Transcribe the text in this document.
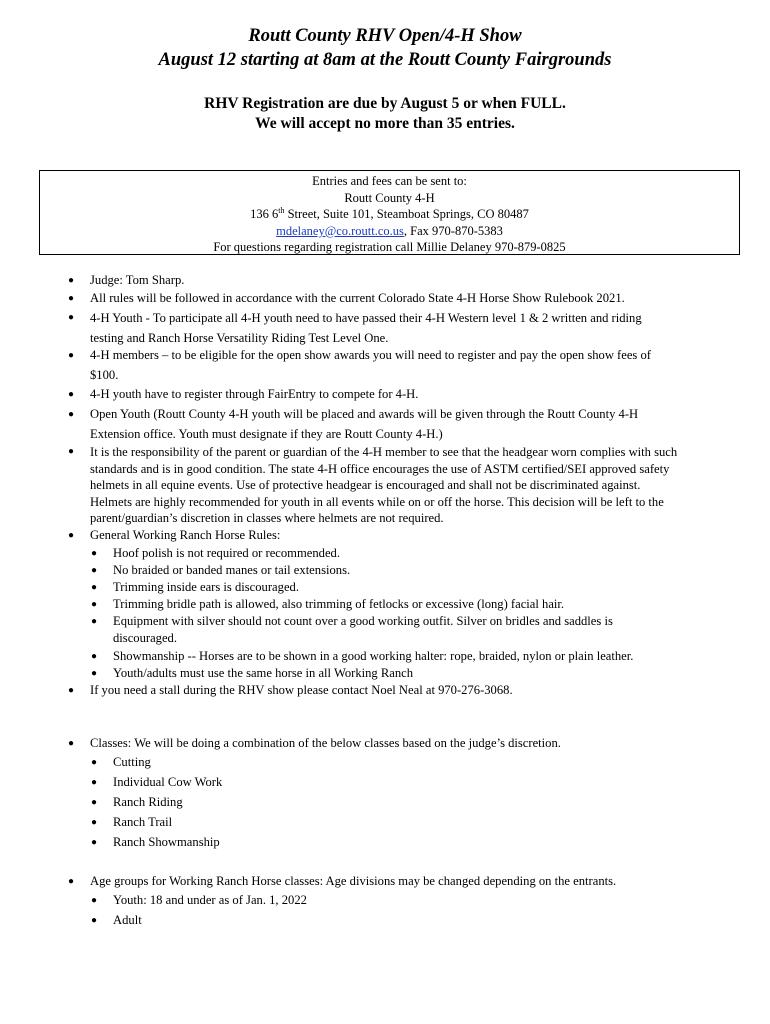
Routt County RHV Open/4-H Show
August 12 starting at 8am at the Routt County Fairgrounds
RHV Registration are due by August 5 or when FULL.
We will accept no more than 35 entries.
Entries and fees can be sent to:
Routt County 4-H
136 6th Street, Suite 101, Steamboat Springs, CO 80487
mdelaney@co.routt.co.us, Fax 970-870-5383
For questions regarding registration call Millie Delaney 970-879-0825
● Judge: Tom Sharp.
● All rules will be followed in accordance with the current Colorado State 4-H Horse Show Rulebook 2021.
● 4-H Youth - To participate all 4-H youth need to have passed their 4-H Western level 1 & 2 written and riding
testing and Ranch Horse Versatility Riding Test Level One.
● 4-H members – to be eligible for the open show awards you will need to register and pay the open show fees of
$100.
● 4-H youth have to register through FairEntry to compete for 4-H.
● Open Youth (Routt County 4-H youth will be placed and awards will be given through the Routt County 4-H
Extension office. Youth must designate if they are Routt County 4-H.)
● It is the responsibility of the parent or guardian of the 4-H member to see that the headgear worn complies with such
standards and is in good condition. The state 4-H office encourages the use of ASTM certified/SEI approved safety
helmets in all equine events. Use of protective headgear is encouraged and shall not be discriminated against.
Helmets are highly recommended for youth in all events while on or off the horse. This decision will be left to the
parent/guardian’s discretion in classes where helmets are not required.
● General Working Ranch Horse Rules:
● Hoof polish is not required or recommended.
● No braided or banded manes or tail extensions.
● Trimming inside ears is discouraged.
● Trimming bridle path is allowed, also trimming of fetlocks or excessive (long) facial hair.
● Equipment with silver should not count over a good working outfit. Silver on bridles and saddles is
discouraged.
● Showmanship -- Horses are to be shown in a good working halter: rope, braided, nylon or plain leather.
● Youth/adults must use the same horse in all Working Ranch
● If you need a stall during the RHV show please contact Noel Neal at 970-276-3068.
● Classes: We will be doing a combination of the below classes based on the judge’s discretion.
● Cutting
● Individual Cow Work
● Ranch Riding
● Ranch Trail
● Ranch Showmanship
● Age groups for Working Ranch Horse classes: Age divisions may be changed depending on the entrants.
● Youth: 18 and under as of Jan. 1, 2022
● Adult
